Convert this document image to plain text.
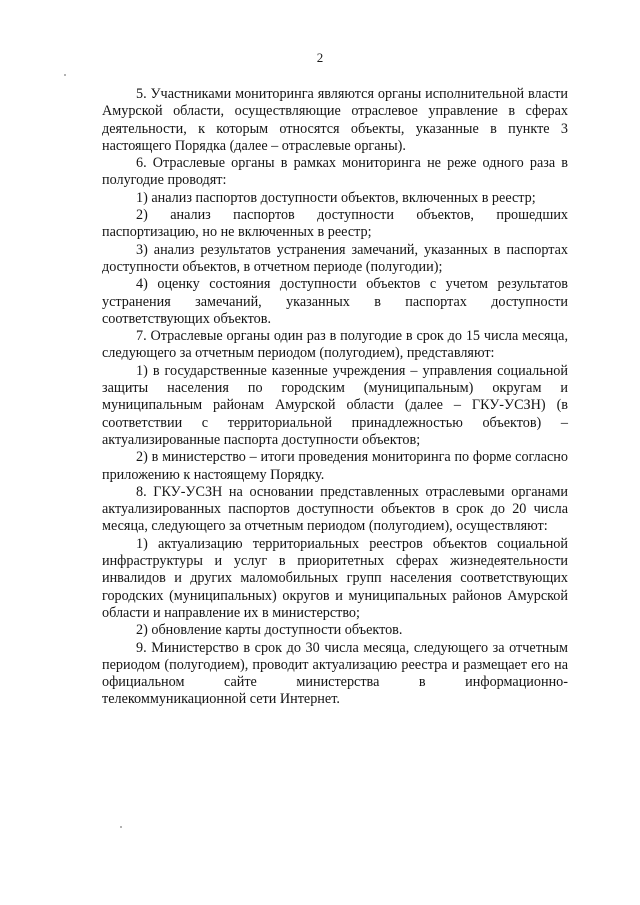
2

5. Участниками мониторинга являются органы исполнительной власти Амурской области, осуществляющие отраслевое управление в сферах деятельности, к которым относятся объекты, указанные в пункте 3 настоящего Порядка (далее – отраслевые органы).

6. Отраслевые органы в рамках мониторинга не реже одного раза в полугодие проводят:

1) анализ паспортов доступности объектов, включенных в реестр;

2) анализ паспортов доступности объектов, прошедших паспортизацию, но не включенных в реестр;

3) анализ результатов устранения замечаний, указанных в паспортах доступности объектов, в отчетном периоде (полугодии);

4) оценку состояния доступности объектов с учетом результатов устранения замечаний, указанных в паспортах доступности соответствующих объектов.

7. Отраслевые органы один раз в полугодие в срок до 15 числа месяца, следующего за отчетным периодом (полугодием), представляют:

1) в государственные казенные учреждения – управления социальной защиты населения по городским (муниципальным) округам и муниципальным районам Амурской области (далее – ГКУ-УСЗН) (в соответствии с территориальной принадлежностью объектов) – актуализированные паспорта доступности объектов;

2) в министерство – итоги проведения мониторинга по форме согласно приложению к настоящему Порядку.

8. ГКУ-УСЗН на основании представленных отраслевыми органами актуализированных паспортов доступности объектов в срок до 20 числа месяца, следующего за отчетным периодом (полугодием), осуществляют:

1) актуализацию территориальных реестров объектов социальной инфраструктуры и услуг в приоритетных сферах жизнедеятельности инвалидов и других маломобильных групп населения соответствующих городских (муниципальных) округов и муниципальных районов Амурской области и направление их в министерство;

2) обновление карты доступности объектов.

9. Министерство в срок до 30 числа месяца, следующего за отчетным периодом (полугодием), проводит актуализацию реестра и размещает его на официальном сайте министерства в информационно-телекоммуникационной сети Интернет.
